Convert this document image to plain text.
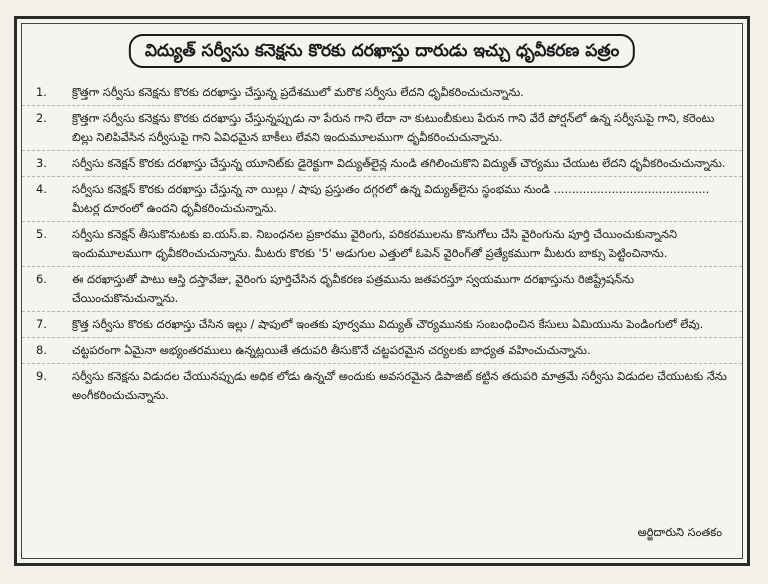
విద్యుత్ సర్వీసు కనెక్షను కొరకు దరఖాస్తు దారుడు ఇచ్చు ధృవీకరణ పత్రం
1.	క్రొత్తగా సర్వీసు కనెక్షను కొరకు దరఖాస్తు చేస్తున్న ప్రదేశములో మరొక సర్వీసు లేదని ధృవీకరించుచున్నాను.
2.	క్రొత్తగా సర్వీసు కనెక్షను కొరకు దరఖాస్తు చేస్తున్నప్పుడు నా పేరున గాని లేదా నా కుటుంబీకులు పేరున గాని వేరే పోర్షన్‌లో ఉన్న సర్వీసుపై గాని, కరెంటు బిల్లు నిలిపివేసిన సర్వీసుపై గాని ఏవిధమైన బాకీలు లేవని ఇందుమూలముగా ధృవీకరించుచున్నాను.
3.	సర్వీసు కనెక్షన్ కొరకు దరఖాస్తు చేస్తున్న యూనిట్‌కు డైరెక్టుగా విద్యుత్‌లైన్ల నుండి తగిలించుకొని విద్యుత్ చౌర్యము చేయుట లేదని ధృవీకరించుచున్నాను.
4.	సర్వీసు కనెక్షన్ కొరకు దరఖాస్తు చేస్తున్న నా యిల్లు / షాపు ప్రస్తుతం దగ్గరలో ఉన్న విద్యుత్‌లైను స్థంభము నుండి ........................................... మీటర్ల దూరంలో ఉందని ధృవీకరించుచున్నాను.
5.	సర్వీసు కనెక్షన్ తీసుకొనుటకు ఐ.యస్.ఐ. నిబంధనల ప్రకారము వైరింగు, పరికరములను కొనుగోలు చేసి వైరింగును పూర్తి చేయించుకున్నానని ఇందుమూలముగా ధృవీకరించుచున్నాను. మీటరు కొరకు '5' అడుగుల ఎత్తులో ఓపెన్ వైరింగ్‌తో ప్రత్యేకముగా మీటరు బాక్సు పెట్టించినాను.
6.	ఈ దరఖాస్తుతో పాటు ఆస్తి దస్తావేజు, వైరింగు పూర్తిచేసిన ధృవీకరణ పత్రమును జతపరస్తూ స్వయముగా దరఖాస్తును రిజిష్ట్రేషన్‌ను చేయించుకొనుచున్నాను.
7.	క్రొత్త సర్వీసు కొరకు దరఖాస్తు చేసిన ఇల్లు / షాపులో ఇంతకు పూర్వము విద్యుత్ చౌర్యమునకు సంబంధించిన కేసులు ఏమియును పెండింగులో లేవు.
8.	చట్టపరంగా ఏమైనా అభ్యంతరములు ఉన్నట్లయితే తదుపరి తీసుకొనే చట్టపరమైన చర్యలకు బాధ్యత వహించుచున్నాను.
9.	సర్వీసు కనెక్షను విడుదల చేయునప్పుడు అధిక లోడు ఉన్నచో అందుకు అవసరమైన డిపాజిట్ కట్టిన తదుపరి మాత్రమే సర్వీసు విడుదల చేయుటకు నేను అంగీకరించుచున్నాను.
అర్జిదారుని సంతకం
